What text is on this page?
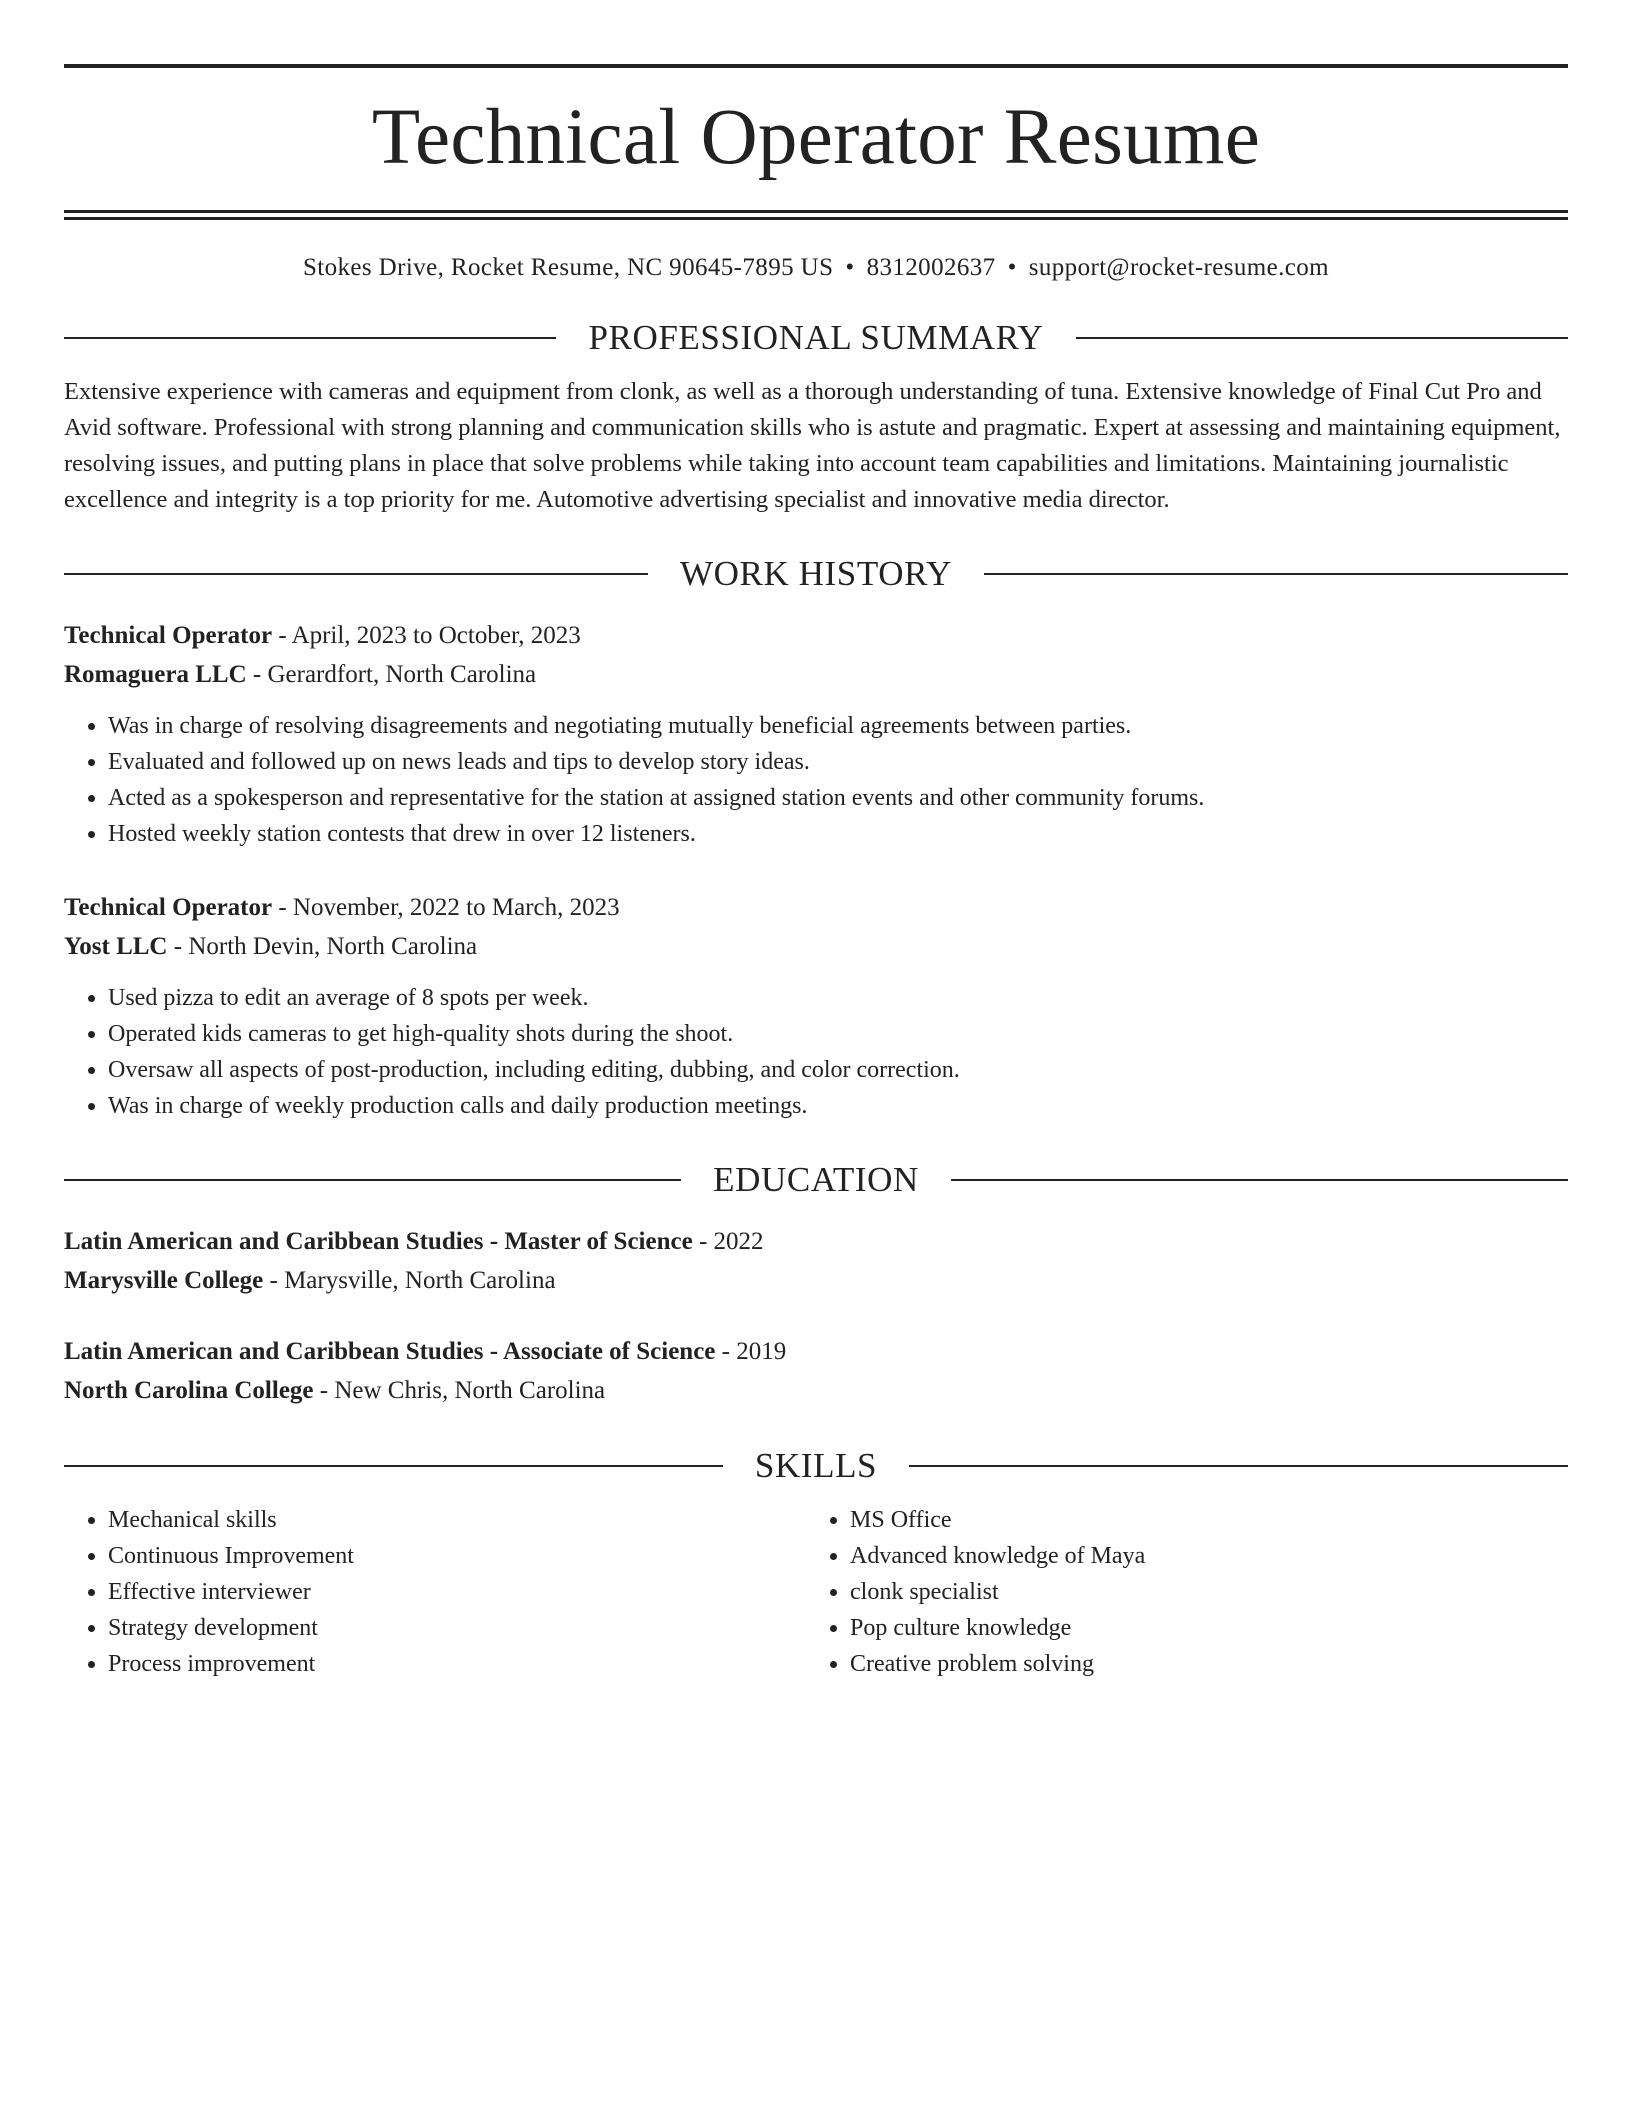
Technical Operator Resume
Stokes Drive, Rocket Resume, NC 90645-7895 US • 8312002637 • support@rocket-resume.com
PROFESSIONAL SUMMARY
Extensive experience with cameras and equipment from clonk, as well as a thorough understanding of tuna. Extensive knowledge of Final Cut Pro and Avid software. Professional with strong planning and communication skills who is astute and pragmatic. Expert at assessing and maintaining equipment, resolving issues, and putting plans in place that solve problems while taking into account team capabilities and limitations. Maintaining journalistic excellence and integrity is a top priority for me. Automotive advertising specialist and innovative media director.
WORK HISTORY
Technical Operator - April, 2023 to October, 2023
Romaguera LLC - Gerardfort, North Carolina
• Was in charge of resolving disagreements and negotiating mutually beneficial agreements between parties.
• Evaluated and followed up on news leads and tips to develop story ideas.
• Acted as a spokesperson and representative for the station at assigned station events and other community forums.
• Hosted weekly station contests that drew in over 12 listeners.
Technical Operator - November, 2022 to March, 2023
Yost LLC - North Devin, North Carolina
• Used pizza to edit an average of 8 spots per week.
• Operated kids cameras to get high-quality shots during the shoot.
• Oversaw all aspects of post-production, including editing, dubbing, and color correction.
• Was in charge of weekly production calls and daily production meetings.
EDUCATION
Latin American and Caribbean Studies - Master of Science - 2022
Marysville College - Marysville, North Carolina
Latin American and Caribbean Studies - Associate of Science - 2019
North Carolina College - New Chris, North Carolina
SKILLS
• Mechanical skills
• Continuous Improvement
• Effective interviewer
• Strategy development
• Process improvement
• MS Office
• Advanced knowledge of Maya
• clonk specialist
• Pop culture knowledge
• Creative problem solving
